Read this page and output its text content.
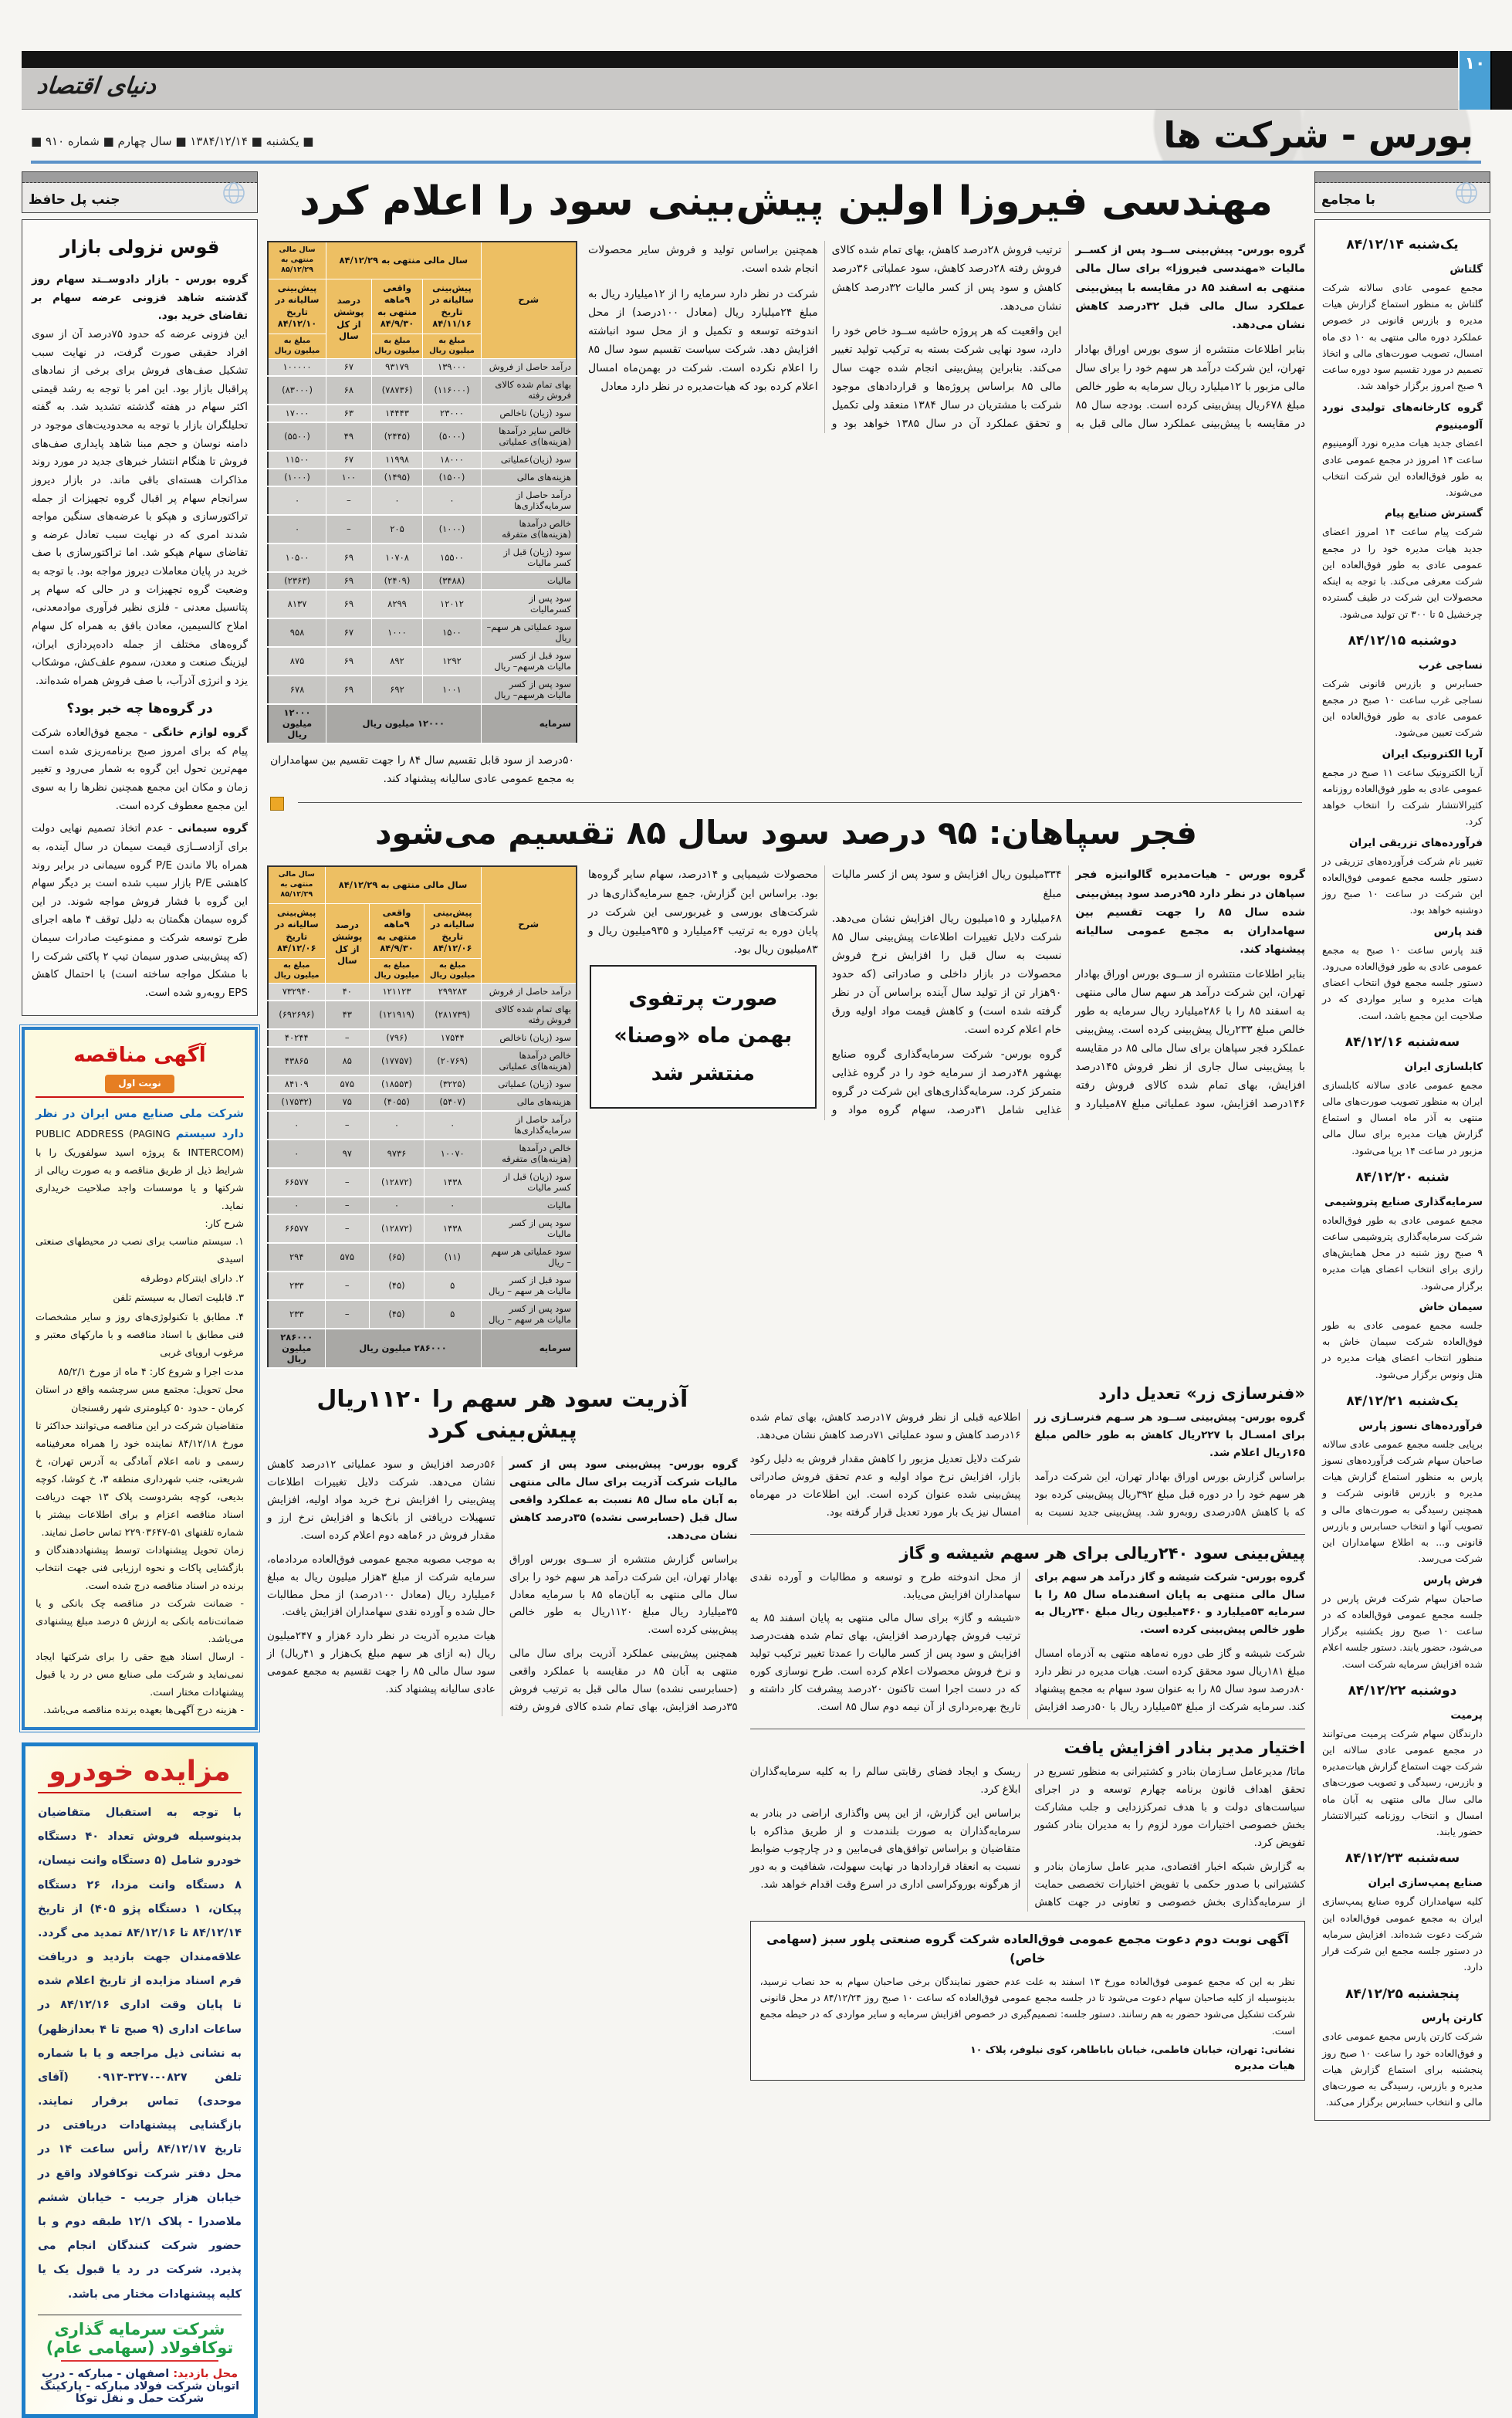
دنیای اقتصاد
۱۰
بورس - شرکت ها
■ یکشنبه ■ ۱۳۸۴/۱۲/۱۴ ■ سال چهارم ■ شماره ۹۱۰ ■
با مجامع
یک‌شنبه ۸۴/۱۲/۱۴
گلتاش

مجمع عمومی عادی سالانه شرکت گلتاش به منظور استماع گزارش هیات مدیره و بازرس قانونی در خصوص عملکرد دوره مالی منتهی به ۱۰ دی ماه امسال، تصویب صورت‌های مالی و اتخاذ تصمیم در مورد تقسیم سود دوره ساعت ۹ صبح امروز برگزار خواهد شد.

گروه کارخانه‌های تولیدی نورد آلومینیوم

اعضای جدید هیات مدیره نورد آلومینیوم ساعت ۱۴ امروز در مجمع عمومی عادی به طور فوق‌العاده این شرکت انتخاب می‌شوند.

گسترش صنایع پیام

شرکت پیام ساعت ۱۴ امروز اعضای جدید هیات مدیره خود را در مجمع عمومی عادی به طور فوق‌العاده این شرکت معرفی می‌کند. با توجه به اینکه محصولات این شرکت در طیف گسترده چرخشیل ۵ تا ۳۰۰ تن تولید می‌شود.

دوشنبه ۸۴/۱۲/۱۵
نساجی غرب

حسابرس و بازرس قانونی شرکت نساجی غرب ساعت ۱۰ صبح در مجمع عمومی عادی به طور فوق‌العاده این شرکت تعیین می‌شود.

آریا الکترونیک ایران

آریا الکترونیک ساعت ۱۱ صبح در مجمع عمومی عادی به طور فوق‌العاده روزنامه کثیرالانتشار شرکت را انتخاب خواهد کرد.

فرآورده‌های تزریقی ایران

تغییر نام شرکت فرآورده‌های تزریقی در دستور جلسه مجمع عمومی فوق‌العاده این شرکت در ساعت ۱۰ صبح روز دوشنبه خواهد بود.

قند پارس

قند پارس ساعت ۱۰ صبح به مجمع عمومی عادی به طور فوق‌العاده می‌رود. دستور جلسه مجمع فوق انتخاب اعضای هیات مدیره و سایر مواردی که در صلاحیت این مجمع باشد، است.

سه‌شنبه ۸۴/۱۲/۱۶
کابلسازی ایران

مجمع عمومی عادی سالانه کابلسازی ایران به منظور تصویب صورت‌های مالی منتهی به آذر ماه امسال و استماع گزارش هیات مدیره برای سال مالی مزبور در ساعت ۱۴ برپا می‌شود.

شنبه ۸۴/۱۲/۲۰
سرمایه‌گذاری صنایع پتروشیمی

مجمع عمومی عادی به طور فوق‌العاده شرکت سرمایه‌گذاری پتروشیمی ساعت ۹ صبح روز شنبه در محل همایش‌های رازی برای انتخاب اعضای هیات مدیره برگزار می‌شود.

سیمان خاش

جلسه مجمع عمومی عادی به طور فوق‌العاده شرکت سیمان خاش به منظور انتخاب اعضای هیات مدیره در هتل ونوس برگزار می‌شود.

یک‌شنبه ۸۴/۱۲/۲۱
فرآورده‌های نسوز پارس

برپایی جلسه مجمع عمومی عادی سالانه صاحبان سهام شرکت فرآورده‌های نسوز پارس به منظور استماع گزارش هیات مدیره و بازرس قانونی شرکت و همچنین رسیدگی به صورت‌های مالی و تصویب آنها و انتخاب حسابرس و بازرس قانونی و... به اطلاع سهامداران این شرکت می‌رسد.

فرش پارس

صاحبان سهام شرکت فرش پارس در جلسه مجمع عمومی فوق‌العاده که در ساعت ۱۰ صبح روز یکشنبه برگزار می‌شود، حضور یابند. دستور جلسه اعلام شده افزایش سرمایه شرکت است.

دوشنبه ۸۴/۱۲/۲۲
پرمیت

دارندگان سهام شرکت پرمیت می‌توانند در مجمع عمومی عادی سالانه این شرکت جهت استماع گزارش هیات‌مدیره و بازرس، رسیدگی و تصویب صورت‌های مالی سال مالی منتهی به آبان ماه امسال و انتخاب روزنامه کثیرالانتشار حضور یابند.

سه‌شنبه ۸۴/۱۲/۲۳
صنایع پمپ‌سازی ایران

کلیه سهامداران گروه صنایع پمپ‌سازی ایران به مجمع عمومی فوق‌العاده این شرکت دعوت شده‌اند. افزایش سرمایه در دستور جلسه مجمع این شرکت قرار دارد.

پنجشنبه ۸۴/۱۲/۲۵
کارتن پارس

شرکت کارتن پارس مجمع عمومی عادی و فوق‌العاده خود را ساعت ۱۰ صبح روز پنجشنبه برای استماع گزارش هیات مدیره و بازرس، رسیدگی به صورت‌های مالی و انتخاب حسابرس برگزار می‌کند.

مهندسی فیروزا اولین پیش‌بینی سود را اعلام کرد

گروه بورس- پیش‌بینی ســود پس از کســر مالیات «مهندسی فیروزا» برای سال مالی منتهی به اسفند ۸۵ در مقایسه با پیش‌بینی عملکرد سال مالی قبل ۳۲درصد کاهش نشان می‌دهد.

بنابر اطلاعات منتشره از سوی بورس اوراق بهادار تهران، این شرکت درآمد هر سهم خود را برای سال مالی مزبور با ۱۲میلیارد ریال سرمایه به طور خالص مبلغ ۶۷۸ریال پیش‌بینی کرده است. بودجه سال ۸۵ در مقایسه با پیش‌بینی عملکرد سال مالی قبل به ترتیب فروش ۲۸درصد کاهش، بهای تمام شده کالای فروش رفته ۲۸درصد کاهش، سود عملیاتی ۳۶درصد کاهش و سود پس از کسر مالیات ۳۲درصد کاهش نشان می‌دهد.

این واقعیت که هر پروژه حاشیه ســود خاص خود را دارد، سود نهایی شرکت بسته به ترکیب تولید تغییر می‌کند. بنابراین پیش‌بینی انجام شده جهت سال مالی ۸۵ براساس پروژه‌ها و قراردادهای موجود شرکت با مشتریان در سال ۱۳۸۴ منعقد ولی تکمیل و تحقق عملکرد آن در سال ۱۳۸۵ خواهد بود و همچنین براساس تولید و فروش سایر محصولات انجام شده است.

شرکت در نظر دارد سرمایه را از ۱۲میلیارد ریال به مبلغ ۲۴میلیارد ریال (معادل ۱۰۰درصد) از محل اندوخته توسعه و تکمیل و از محل سود انباشته افزایش دهد. شرکت سیاست تقسیم سود سال ۸۵ را اعلام نکرده است. شرکت در بهمن‌ماه امسال اعلام کرده بود که هیات‌مدیره در نظر دارد معادل

شرح	سال مالی منتهی به ۸۴/۱۲/۲۹			سال مالی منتهی به ۸۵/۱۲/۲۹
	پیش‌بینی سالیانه در تاریخ ۸۴/۱۱/۱۶	واقعی ۹ماهه منتهی به ۸۴/۹/۳۰	درصد پوشش از کل سال	پیش‌بینی سالیانه در تاریخ ۸۴/۱۲/۱۰
	مبلغ به میلیون ریال	مبلغ به میلیون ریال		مبلغ به میلیون ریال
درآمد حاصل از فروش	۱۳۹۰۰۰	۹۳۱۷۹	۶۷	۱۰۰۰۰۰
بهای تمام شده کالای فروش رفته	(۱۱۶۰۰۰)	(۷۸۷۳۶)	۶۸	(۸۳۰۰۰)
سود (زیان) ناخالص	۲۳۰۰۰	۱۴۴۴۳	۶۳	۱۷۰۰۰
خالص سایر درآمدها (هزینه‌ها)ی عملیاتی	(۵۰۰۰)	(۲۴۴۵)	۴۹	(۵۵۰۰)
سود (زیان)عملیاتی	۱۸۰۰۰	۱۱۹۹۸	۶۷	۱۱۵۰۰
هزینه‌های مالی	(۱۵۰۰)	(۱۴۹۵)	۱۰۰	(۱۰۰۰)
درآمد حاصل از سرمایه‌گذاری‌ها	۰	۰	–	۰
خالص درآمدها (هزینه‌ها)ی متفرقه	(۱۰۰۰)	۲۰۵	–	۰
سود (زیان) قبل از کسر مالیات	۱۵۵۰۰	۱۰۷۰۸	۶۹	۱۰۵۰۰
مالیات	(۳۴۸۸)	(۲۴۰۹)	۶۹	(۲۳۶۳)
سود پس از کسرمالیات	۱۲۰۱۲	۸۲۹۹	۶۹	۸۱۳۷
سود عملیاتی هر سهم– ریال	۱۵۰۰	۱۰۰۰	۶۷	۹۵۸
سود قبل از کسر مالیات هرسهم– ریال	۱۲۹۲	۸۹۲	۶۹	۸۷۵
سود پس از کسر مالیات هرسهم– ریال	۱۰۰۱	۶۹۲	۶۹	۶۷۸
سرمایه	۱۲۰۰۰ میلیون ریال			۱۲۰۰۰ میلیون ریال

۵۰درصد از سود قابل تقسیم سال ۸۴ را جهت تقسیم بین سهامداران به مجمع عمومی عادی سالیانه پیشنهاد کند.

فجر سپاهان: ۹۵ درصد سود سال ۸۵ تقسیم می‌شود

گروه بورس - هیات‌مدیره گالوانیزه فجر سپاهان در نظر دارد ۹۵درصد سود پیش‌بینی شده سال ۸۵ را جهت تقسیم بین سهامداران به مجمع عمومی سالیانه پیشنهاد کند.

بنابر اطلاعات منتشره از ســوی بورس اوراق بهادار تهران، این شرکت درآمد هر سهم سال مالی منتهی به اسفند ۸۵ را با ۲۸۶میلیارد ریال سرمایه به طور خالص مبلغ ۲۳۳ریال پیش‌بینی کرده است. پیش‌بینی عملکرد فجر سپاهان برای سال مالی ۸۵ در مقایسه با پیش‌بینی سال جاری از نظر فروش ۱۴۵درصد افزایش، بهای تمام شده کالای فروش رفته ۱۴۶درصد افزایش، سود عملیاتی مبلغ ۸۷میلیارد و ۳۳۴میلیون ریال افزایش و سود پس از کسر مالیات مبلغ

۶۸میلیارد و ۱۵میلیون ریال افزایش نشان می‌دهد. شرکت دلایل تغییرات اطلاعات پیش‌بینی سال ۸۵ نسبت به سال قبل را افزایش نرخ فروش محصولات در بازار داخلی و صادراتی (که حدود ۹۰هزار تن از تولید سال آینده براساس آن در نظر گرفته شده است) و کاهش قیمت مواد اولیه ورق خام اعلام کرده است.

گروه بورس- شرکت سرمایه‌گذاری گروه صنایع بهشهر ۴۸درصد از سرمایه خود را در گروه غذایی متمرکز کرد. سرمایه‌گذاری‌های این شرکت در گروه غذایی شامل ۳۱درصد، سهام گروه مواد و محصولات شیمیایی و ۱۴درصد، سهام سایر گروه‌ها بود. براساس این گزارش، جمع سرمایه‌گذاری‌ها در شرکت‌های بورسی و غیربورسی این شرکت در پایان دوره به ترتیب ۶۴میلیارد و ۹۳۵میلیون ریال و ۸۳میلیون ریال بود.

صورت پرتفوی بهمن ماه «وصنا» منتشر شد
شرح	سال مالی منتهی به ۸۴/۱۲/۲۹			سال مالی منتهی به ۸۵/۱۲/۲۹
	پیش‌بینی سالیانه در تاریخ ۸۴/۱۲/۰۶	واقعی ۹ماهه منتهی به ۸۴/۹/۳۰	درصد پوشش از کل سال	پیش‌بینی سالیانه در تاریخ ۸۴/۱۲/۰۶
	مبلغ به میلیون ریال	مبلغ به میلیون ریال		مبلغ به میلیون ریال
درآمد حاصل از فروش	۲۹۹۲۸۳	۱۲۱۱۲۳	۴۰	۷۳۲۹۴۰
بهای تمام شده کالای فروش رفته	(۲۸۱۷۳۹)	(۱۲۱۹۱۹)	۴۳	(۶۹۲۶۹۶)
سود (زیان) ناخالص	۱۷۵۴۴	(۷۹۶)	–	۴۰۲۴۴
خالص درآمدها (هزینه‌ها)ی عملیاتی	(۲۰۷۶۹)	(۱۷۷۵۷)	۸۵	۴۳۸۶۵
سود (زیان) عملیاتی	(۳۲۲۵)	(۱۸۵۵۳)	۵۷۵	۸۴۱۰۹
هزینه‌های مالی	(۵۴۰۷)	(۴۰۵۵)	۷۵	(۱۷۵۳۲)
درآمد حاصل از سرمایه‌گذاری‌ها	۰	۰	–	۰
خالص درآمدها (هزینه‌ها)ی متفرقه	۱۰۰۷۰	۹۷۳۶	۹۷	۰
سود (زیان) قبل از کسر مالیات	۱۴۳۸	(۱۲۸۷۲)	–	۶۶۵۷۷
مالیات	۰	۰	–	۰
سود پس از کسر مالیات	۱۴۳۸	(۱۲۸۷۲)	–	۶۶۵۷۷
سود عملیاتی هر سهم – ریال	(۱۱)	(۶۵)	۵۷۵	۲۹۴
سود قبل از کسر مالیات هر سهم – ریال	۵	(۴۵)	–	۲۳۳
سود پس از کسر مالیات هر سهم – ریال	۵	(۴۵)	–	۲۳۳
سرمایه	۲۸۶۰۰۰ میلیون ریال			۲۸۶۰۰۰ میلیون ریال
«فنرسازی زر» تعدیل دارد

گروه بورس- پیش‌بینی ســود هر سـهم فنرسـازی زر برای امسـال با ۲۲۷ریال کاهش به طور خالص مبلغ ۱۶۵ریال اعلام شد.

براساس گزارش بورس اوراق بهادار تهران، این شرکت درآمد هر سهم خود را در دوره قبل مبلغ ۳۹۲ریال پیش‌بینی کرده بود که با کاهش ۵۸درصدی روبه‌رو شد. پیش‌بینی جدید نسبت به اطلاعیه قبلی از نظر فروش ۱۷درصد کاهش، بهای تمام شده ۱۶درصد کاهش و سود عملیاتی ۷۱درصد کاهش نشان می‌دهد.

شرکت دلایل تعدیل مزبور را کاهش مقدار فروش به دلیل رکود بازار، افزایش نرخ مواد اولیه و عدم تحقق فروش صادراتی پیش‌بینی شده عنوان کرده است. این اطلاعات در مهرماه امسال نیز یک بار مورد تعدیل قرار گرفته بود.

پیش‌بینی سود ۲۴۰ریالی برای هر سهم شیشه و گاز

گروه بورس- شرکت شیشه و گاز درآمد هر سهم برای سال مالی منتهی به پایان اسفندماه سال ۸۵ را با سرمایه ۵۳میلیارد و ۴۶۰میلیون ریال مبلغ ۲۴۰ریال به طور خالص پیش‌بینی کرده است.

شرکت شیشه و گاز طی دوره نه‌ماهه منتهی به آذرماه امسال مبلغ ۱۸۱ریال سود محقق کرده است. هیات مدیره در نظر دارد ۸۰درصد سود سال ۸۵ را به عنوان سود سهام به مجمع پیشنهاد کند. سرمایه شرکت از مبلغ ۵۳میلیارد ریال با ۵۰درصد افزایش از محل اندوخته طرح و توسعه و مطالبات و آورده نقدی سهامداران افزایش می‌یابد.

«شیشه و گاز» برای سال مالی منتهی به پایان اسفند ۸۵ به ترتیب فروش چهاردرصد افزایش، بهای تمام شده هفت‌درصد افزایش و سود پس از کسر مالیات را عمدتا تغییر ترکیب تولید و نرخ فروش محصولات اعلام کرده است. طرح نوسازی کوره که در دست اجرا است تاکنون ۲۰درصد پیشرفت کار داشته و تاریخ بهره‌برداری از آن نیمه دوم سال ۸۵ است.

اختیار مدیر بنادر افزایش یافت

ماتا/ مدیرعامل سـازمان بنادر و کشتیرانی به منظور تسریع در تحقق اهداف قانون برنامه چهارم توسعه و در اجرای سیاست‌های دولت و با هدف تمرکززدایی و جلب مشارکت بخش خصوصی اختیارات مورد لزوم را به مدیران بنادر کشور تفویض کرد.

به گزارش شبکه اخبار اقتصادی، مدیر عامل سازمان بنادر و کشتیرانی با صدور حکمی با تفویض اختیارات تخصصی حمایت از سرمایه‌گذاری بخش خصوصی و تعاونی در جهت کاهش ریسک و ایجاد فضای رقابتی سالم را به کلیه سرمایه‌گذاران ابلاغ کرد.

براساس این گزارش، از این پس واگذاری اراضی در بنادر به سرمایه‌گذاران به صورت بلندمدت و از طریق مذاکره با متقاضیان و براساس توافق‌های فی‌مابین و در چارچوب ضوابط نسبت به انعقاد قراردادها در نهایت سهولت، شفافیت و به دور از هرگونه بوروکراسی اداری در اسرع وقت اقدام خواهد شد.

آگهی نوبت دوم دعوت مجمع عمومی فوق‌العاده شرکت گروه صنعتی پلور سبز (سهامی خاص)

نظر به این که مجمع عمومی فوق‌العاده مورخ ۱۳ اسفند به علت عدم حضور نمایندگان برخی صاحبان سهام به حد نصاب نرسید، بدینوسیله از کلیه صاحبان سهام دعوت می‌شود تا در جلسه مجمع عمومی فوق‌العاده که ساعت ۱۰ صبح روز ۸۴/۱۲/۲۴ در محل قانونی شرکت تشکیل می‌شود حضور به هم رسانند. دستور جلسه: تصمیم‌گیری در خصوص افزایش سرمایه و سایر مواردی که در حیطه مجمع است.

نشانی: تهران، خیابان فاطمی، خیابان باباطاهر، کوی نیلوفر، پلاک ۱۰

هیات مدیره

آذریت سود هر سهم را ۱۱۲۰ریال پیش‌بینی کرد

گروه بورس- پیش‌بینی سود پس از کسر مالیات شرکت آذریت برای سال مالی منتهی به آبان ماه سال ۸۵ نسبت به عملکرد واقعی سال قبل (حسابرسی نشده) ۳۵درصد کاهش نشان می‌دهد.

براساس گزارش منتشره از ســوی بورس اوراق بهادار تهران، این شرکت درآمد هر سهم خود را برای سال مالی منتهی به آبان‌ماه ۸۵ با سرمایه معادل ۳۵میلیارد ریال مبلغ ۱۱۲۰ریال به طور خالص پیش‌بینی کرده است.

همچنین پیش‌بینی عملکرد آذریت برای سال مالی منتهی به آبان ۸۵ در مقایسه با عملکرد واقعی (حسابرسی نشده) سال مالی قبل به ترتیب فروش ۳۵درصد افزایش، بهای تمام شده کالای فروش رفته ۵۶درصد افزایش و سود عملیاتی ۱۲درصد کاهش نشان می‌دهد. شرکت دلایل تغییرات اطلاعات پیش‌بینی را افزایش نرخ خرید مواد اولیه، افزایش تسهیلات دریافتی از بانک‌ها و افزایش نرخ ارز و مقدار فروش در ۶ماهه دوم اعلام کرده است.

به موجب مصوبه مجمع عمومی فوق‌العاده مردادماه، سرمایه شرکت از مبلغ ۳هزار میلیون ریال به مبلغ ۶میلیارد ریال (معادل ۱۰۰درصد) از محل مطالبات حال شده و آورده نقدی سهامداران افزایش یافت.

هیات مدیره آذریت در نظر دارد ۶هزار و ۲۴۷میلیون ریال (به ازای هر سهم مبلغ یک‌هزار و ۴۱ریال) از سود سال مالی ۸۵ را جهت تقسیم به مجمع عمومی عادی سالیانه پیشنهاد کند.

جنب پل حافظ
قوس نزولی بازار

گروه بورس - بازار دادوســتد سهام روز گذشته شاهد فزونی عرضه سهام بر تقاضای خرید بود.

این فزونی عرضه که حدود ۷۵درصد آن از سوی افراد حقیقی صورت گرفت، در نهایت سبب تشکیل صف‌های فروش برای برخی از نمادهای پراقبال بازار بود. این امر با توجه به رشد قیمتی اکثر سهام در هفته گذشته تشدید شد. به گفته تحلیلگران بازار با توجه به محدودیت‌های موجود در دامنه نوسان و حجم مبنا شاهد پایداری صف‌های فروش تا هنگام انتشار خبرهای جدید در مورد روند مذاکرات هسته‌ای باقی ماند. در بازار دیروز سرانجام سهام پر اقبال گروه تجهیزات از جمله تراکتورسازی و هپکو با عرضه‌های سنگین مواجه شدند امری که در نهایت سبب تعادل عرضه و تقاضای سهام هپکو شد. اما تراکتورسازی با صف خرید در پایان معاملات دیروز مواجه بود. با توجه به وضعیت گروه تجهیزات و در حالی که سهام پر پتانسیل معدنی - فلزی نظیر فرآوری موادمعدنی، املاح کالسیمین، معادن بافق به همراه کل سهام گروه‌های مختلف از جمله داده‌پردازی ایران، لیزینگ صنعت و معدن، سموم علف‌کش، موشکاب یزد و انرژی آذرآب، با صف فروش همراه شده‌اند.

در گروه‌ها چه خبر بود؟

گروه لوازم خانگی - مجمع فوق‌العاده شرکت پیام که برای امروز صبح برنامه‌ریزی شده است مهم‌ترین تحول این گروه به شمار می‌رود و تغییر زمان و مکان این مجمع همچنین نظرها را به سوی این مجمع معطوف کرده است.

گروه سیمانی - عدم اتخاذ تصمیم نهایی دولت برای آزادســازی قیمت سیمان در سال آینده، به همراه بالا ماندن P/E گروه سیمانی در برابر روند کاهشی P/E بازار سبب شده است بر دیگر سهام این گروه با فشار فروش مواجه شوند. در این گروه سیمان هگمتان به دلیل توقف ۴ ماهه اجرای طرح توسعه شرکت و ممنوعیت صادرات سیمان (که پیش‌بینی صدور سیمان تیپ ۲ پاکتی شرکت را با مشکل مواجه ساخته است) با احتمال کاهش EPS روبه‌رو شده است.

آگهی مناقصه
نوبت اول

شرکت ملی صنایع مس ایران در نظر دارد سیستم PUBLIC ADDRESS (PAGING & INTERCOM) پروژه اسید سولفوریک را با شرایط ذیل از طریق مناقصه و به صورت ریالی از شرکتها و یا موسسات واجد صلاحیت خریداری نماید.

شرح کار:

۱. سیستم مناسب برای نصب در محیطهای صنعتی اسیدی
۲. دارای اینترکام دوطرفه
۳. قابلیت اتصال به سیستم تلفن
۴. مطابق با تکنولوژی‌های روز و سایر مشخصات فنی مطابق با اسناد مناقصه و با مارکهای معتبر و مرغوب اروپای غربی

مدت اجرا و شروع کار: ۴ ماه از مورخ ۸۵/۲/۱

محل تحویل: مجتمع مس سرچشمه واقع در استان کرمان - حدود ۵۰ کیلومتری شهر رفسنجان

متقاضیان شرکت در این مناقصه می‌توانند حداکثر تا مورخ ۸۴/۱۲/۱۸ نماینده خود را همراه معرفینامه رسمی و نامه اعلام آمادگی به آدرس تهران، خ شریعتی، جنب شهرداری منطقه ۳، خ کوشا، کوچه بدیعی، کوچه بشردوست پلاک ۱۳ جهت دریافت اسناد مناقصه اعزام و برای اطلاعات بیشتر با شماره تلفنهای ۵۱-۲۲۹۰۳۶۴۷ تماس حاصل نمایند.

زمان تحویل پیشنهادات توسط پیشنهاددهندگان و بازگشایی پاکات و نحوه ارزیابی فنی جهت انتخاب برنده در اسناد مناقصه درج شده است.

- ضمانت شرکت در مناقصه چک بانکی و یا ضمانت‌نامه بانکی به ارزش ۵ درصد مبلغ پیشنهادی می‌باشد.

- ارسال اسناد هیچ حقی را برای شرکتها ایجاد نمی‌نماید و شرکت ملی صنایع مس در رد یا قبول پیشنهادات مختار است.

- هزینه درج آگهی‌ها بعهده برنده مناقصه می‌باشد.

مزایده خودرو

با توجه به استقبال متقاضیان بدینوسیله فروش تعداد ۴۰ دستگاه خودرو شامل (۵ دستگاه وانت نیسان، ۸ دستگاه وانت مزدا، ۲۶ دستگاه پیکان، ۱ دستگاه پژو ۴۰۵) از تاریخ ۸۴/۱۲/۱۴ تا ۸۴/۱۲/۱۶ تمدید می گردد. علاقه‌مندان جهت بازدید و دریافت فرم اسناد مزایده از تاریخ اعلام شده تا پایان وقت اداری ۸۴/۱۲/۱۶ در ساعات اداری (۹ صبح تا ۴ بعدازظهر) به نشانی ذیل مراجعه و یا با شماره تلفن ۰۸۲۷-۳۲۷۰-۰۹۱۳ (آقای موحدی) تماس برقرار نمایند. بازگشایی پیشنهادات دریافتی در تاریخ ۸۴/۱۲/۱۷ رأس ساعت ۱۴ در محل دفتر شرکت توکافولاد واقع در خیابان هزار جریب - خیابان ششم ملاصدرا - پلاک ۱۲/۱ طبقه دوم و با حضور شرکت کنندگان انجام می پذیرد. شرکت در رد یا قبول یک یا کلیه پیشنهادات مختار می باشد.

شرکت سرمایه گذاری توکافولاد (سهامی عام)

محل بازدید: اصفهان - مبارکه - درب اتوبان شرکت فولاد مبارکه - پارکینگ شرکت حمل و نقل توکا
